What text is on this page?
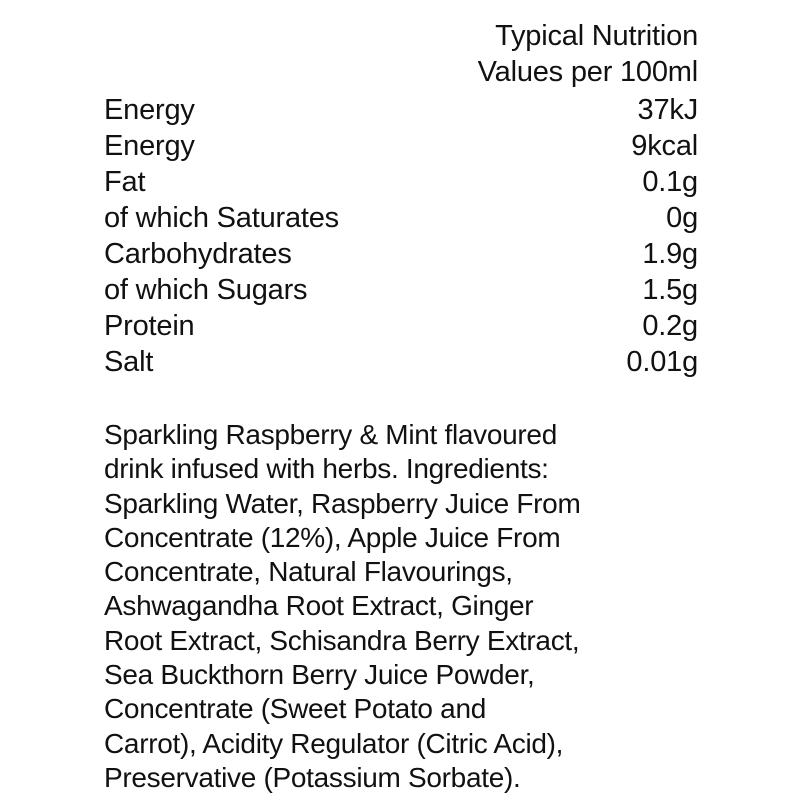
Typical Nutrition
Values per 100ml
Energy	37kJ
Energy	9kcal
Fat	0.1g
of which Saturates	0g
Carbohydrates	1.9g
of which Sugars	1.5g
Protein	0.2g
Salt	0.01g
Sparkling Raspberry & Mint flavoured
drink infused with herbs. Ingredients:
Sparkling Water, Raspberry Juice From
Concentrate (12%), Apple Juice From
Concentrate, Natural Flavourings,
Ashwagandha Root Extract, Ginger
Root Extract, Schisandra Berry Extract,
Sea Buckthorn Berry Juice Powder,
Concentrate (Sweet Potato and
Carrot), Acidity Regulator (Citric Acid),
Preservative (Potassium Sorbate).
